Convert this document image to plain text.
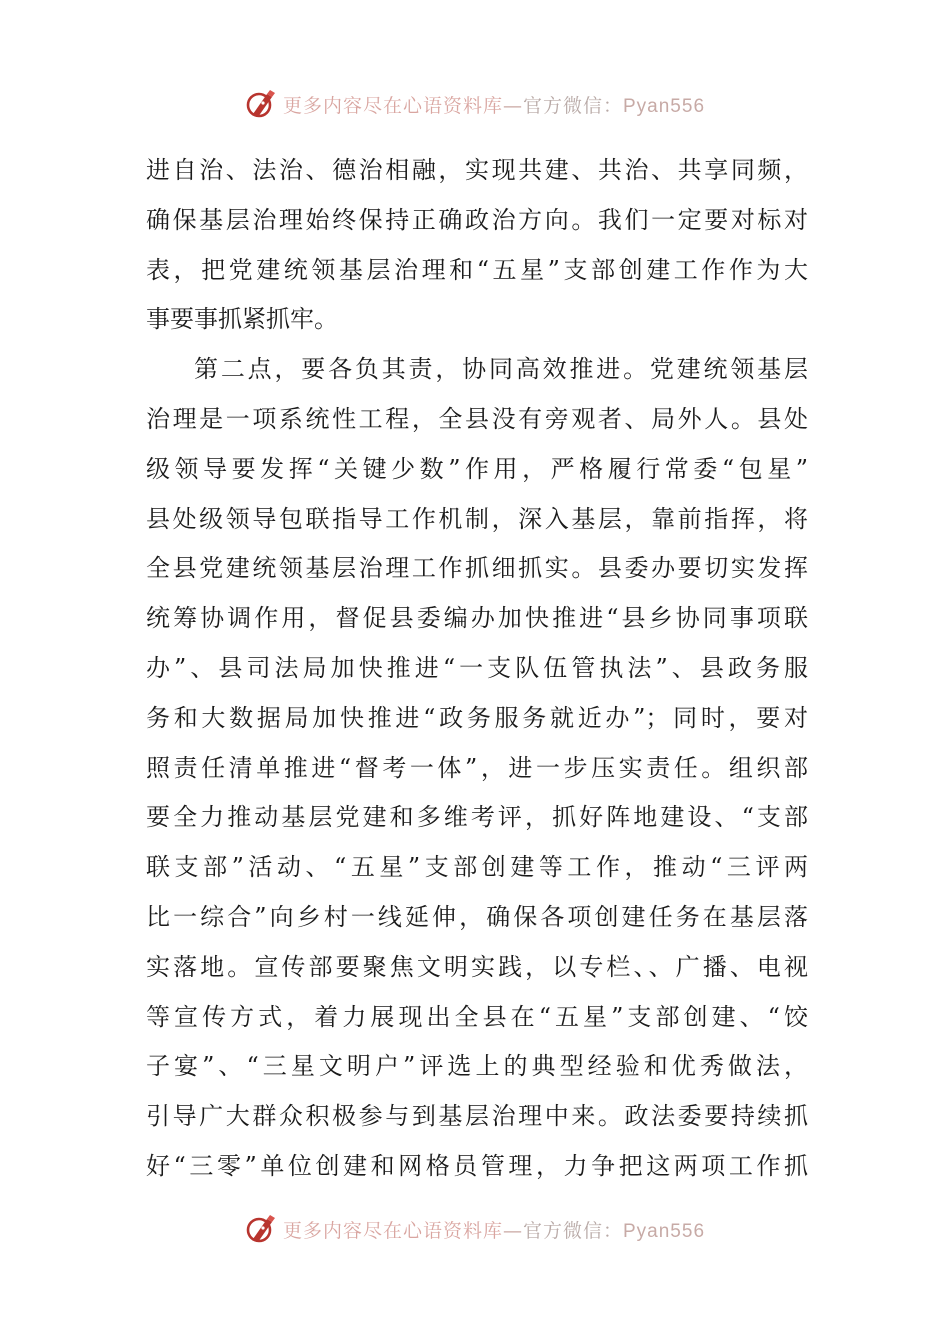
更多内容尽在心语资料库—官方微信：Pyan556

进自治、法治、德治相融，实现共建、共治、共享同频，

确保基层治理始终保持正确政治方向。我们一定要对标对

表，把党建统领基层治理和“五星”支部创建工作作为大

事要事抓紧抓牢。

第二点，要各负其责，协同高效推进。党建统领基层

治理是一项系统性工程，全县没有旁观者、局外人。县处

级领导要发挥“关键少数”作用，严格履行常委“包星”

县处级领导包联指导工作机制，深入基层，靠前指挥，将

全县党建统领基层治理工作抓细抓实。县委办要切实发挥

统筹协调作用，督促县委编办加快推进“县乡协同事项联

办”、县司法局加快推进“一支队伍管执法”、县政务服

务和大数据局加快推进“政务服务就近办”；同时，要对

照责任清单推进“督考一体”，进一步压实责任。组织部

要全力推动基层党建和多维考评，抓好阵地建设、“支部

联支部”活动、“五星”支部创建等工作，推动“三评两

比一综合”向乡村一线延伸，确保各项创建任务在基层落

实落地。宣传部要聚焦文明实践，以专栏、、广播、电视

等宣传方式，着力展现出全县在“五星”支部创建、“饺

子宴”、“三星文明户”评选上的典型经验和优秀做法，

引导广大群众积极参与到基层治理中来。政法委要持续抓

好“三零”单位创建和网格员管理，力争把这两项工作抓

更多内容尽在心语资料库—官方微信：Pyan556
